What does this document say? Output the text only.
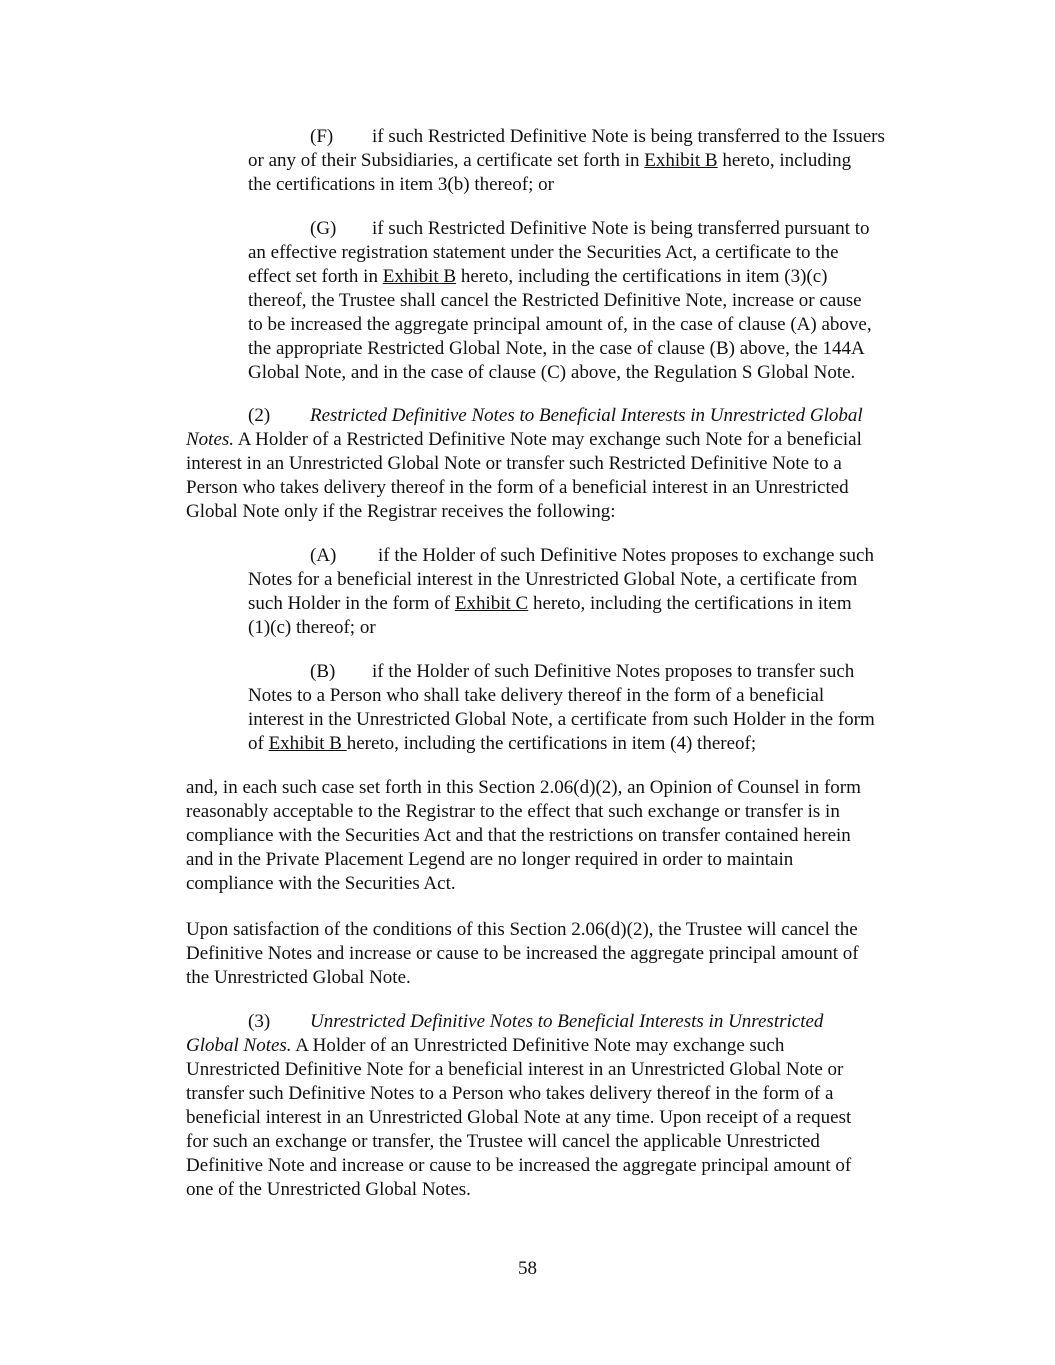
(F) if such Restricted Definitive Note is being transferred to the Issuers
or any of their Subsidiaries, a certificate set forth in Exhibit B hereto, including
the certifications in item 3(b) thereof; or
(G) if such Restricted Definitive Note is being transferred pursuant to
an effective registration statement under the Securities Act, a certificate to the
effect set forth in Exhibit B hereto, including the certifications in item (3)(c)
thereof, the Trustee shall cancel the Restricted Definitive Note, increase or cause
to be increased the aggregate principal amount of, in the case of clause (A) above,
the appropriate Restricted Global Note, in the case of clause (B) above, the 144A
Global Note, and in the case of clause (C) above, the Regulation S Global Note.
(2) Restricted Definitive Notes to Beneficial Interests in Unrestricted Global
Notes. A Holder of a Restricted Definitive Note may exchange such Note for a beneficial
interest in an Unrestricted Global Note or transfer such Restricted Definitive Note to a
Person who takes delivery thereof in the form of a beneficial interest in an Unrestricted
Global Note only if the Registrar receives the following:
(A) if the Holder of such Definitive Notes proposes to exchange such
Notes for a beneficial interest in the Unrestricted Global Note, a certificate from
such Holder in the form of Exhibit C hereto, including the certifications in item
(1)(c) thereof; or
(B) if the Holder of such Definitive Notes proposes to transfer such
Notes to a Person who shall take delivery thereof in the form of a beneficial
interest in the Unrestricted Global Note, a certificate from such Holder in the form
of Exhibit B hereto, including the certifications in item (4) thereof;
and, in each such case set forth in this Section 2.06(d)(2), an Opinion of Counsel in form
reasonably acceptable to the Registrar to the effect that such exchange or transfer is in
compliance with the Securities Act and that the restrictions on transfer contained herein
and in the Private Placement Legend are no longer required in order to maintain
compliance with the Securities Act.
Upon satisfaction of the conditions of this Section 2.06(d)(2), the Trustee will cancel the
Definitive Notes and increase or cause to be increased the aggregate principal amount of
the Unrestricted Global Note.
(3) Unrestricted Definitive Notes to Beneficial Interests in Unrestricted
Global Notes. A Holder of an Unrestricted Definitive Note may exchange such
Unrestricted Definitive Note for a beneficial interest in an Unrestricted Global Note or
transfer such Definitive Notes to a Person who takes delivery thereof in the form of a
beneficial interest in an Unrestricted Global Note at any time. Upon receipt of a request
for such an exchange or transfer, the Trustee will cancel the applicable Unrestricted
Definitive Note and increase or cause to be increased the aggregate principal amount of
one of the Unrestricted Global Notes.
58
